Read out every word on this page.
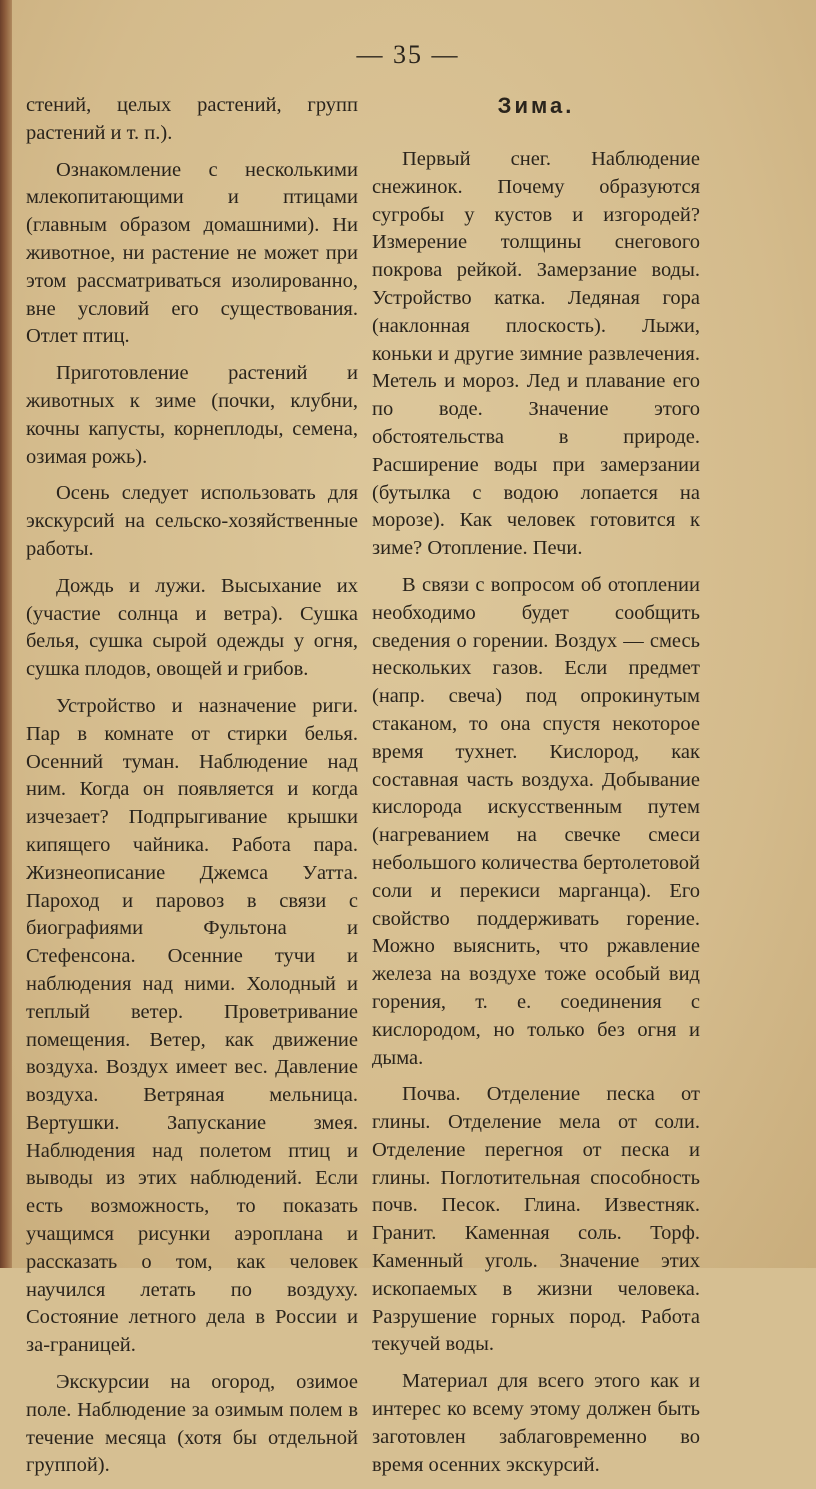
— 35 —

стений, целых растений, групп растений и т. п.).

Ознакомление с несколькими млекопитающими и птицами (главным образом домашними). Ни животное, ни растение не может при этом рассматриваться изолированно, вне условий его существования. Отлет птиц.

Приготовление растений и животных к зиме (почки, клубни, кочны капусты, корнеплоды, семена, озимая рожь).

Осень следует использовать для экскурсий на сельско-хозяйственные работы.

Дождь и лужи. Высыхание их (участие солнца и ветра). Сушка белья, сушка сырой одежды у огня, сушка плодов, овощей и грибов.

Устройство и назначение риги. Пар в комнате от стирки белья. Осенний туман. Наблюдение над ним. Когда он появляется и когда изчезает? Подпрыгивание крышки кипящего чайника. Работа пара. Жизнеописание Джемса Уатта. Пароход и паровоз в связи с биографиями Фультона и Стефенсона. Осенние тучи и наблюдения над ними. Холодный и теплый ветер. Проветривание помещения. Ветер, как движение воздуха. Воздух имеет вес. Давление воздуха. Ветряная мельница. Вертушки. Запускание змея. Наблюдения над полетом птиц и выводы из этих наблюдений. Если есть возможность, то показать учащимся рисунки аэроплана и рассказать о том, как человек научился летать по воздуху. Состояние летного дела в России и за-границей.

Экскурсии на огород, озимое поле. Наблюдение за озимым полем в течение месяца (хотя бы отдельной группой).

Зима.

Первый снег. Наблюдение снежинок. Почему образуются сугробы у кустов и изгородей? Измерение толщины снегового покрова рейкой. Замерзание воды. Устройство катка. Ледяная гора (наклонная плоскость). Лыжи, коньки и другие зимние развлечения. Метель и мороз. Лед и плавание его по воде. Значение этого обстоятельства в природе. Расширение воды при замерзании (бутылка с водою лопается на морозе). Как человек готовится к зиме? Отопление. Печи.

В связи с вопросом об отоплении необходимо будет сообщить сведения о горении. Воздух — смесь нескольких газов. Если предмет (напр. свеча) под опрокинутым стаканом, то она спустя некоторое время тухнет. Кислород, как составная часть воздуха. Добывание кислорода искусственным путем (нагреванием на свечке смеси небольшого количества бертолетовой соли и перекиси марганца). Его свойство поддерживать горение. Можно выяснить, что ржавление железа на воздухе тоже особый вид горения, т. е. соединения с кислородом, но только без огня и дыма.

Почва. Отделение песка от глины. Отделение мела от соли. Отделение перегноя от песка и глины. Поглотительная способность почв. Песок. Глина. Известняк. Гранит. Каменная соль. Торф. Каменный уголь. Значение этих ископаемых в жизни человека. Разрушение горных пород. Работа текучей воды.

Материал для всего этого как и интерес ко всему этому должен быть заготовлен заблаговременно во время осенних экскурсий.
